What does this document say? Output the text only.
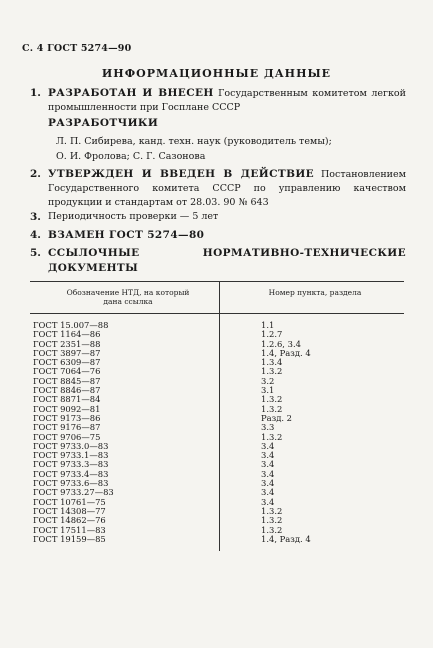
С. 4 ГОСТ 5274—90
ИНФОРМАЦИОННЫЕ ДАННЫЕ
1. РАЗРАБОТАН И ВНЕСЕН Государственным комитетом легкой промышленности при Госплане СССР
РАЗРАБОТЧИКИ
Л. П. Сибирева, канд. техн. наук (руководитель темы);
О. И. Фролова; С. Г. Сазонова
2. УТВЕРЖДЕН И ВВЕДЕН В ДЕЙСТВИЕ Постановлением Государственного комитета СССР по управлению качеством продукции и стандартам от 28.03. 90 № 643
3. Периодичность проверки — 5 лет
4. ВЗАМЕН ГОСТ 5274—80
5. ССЫЛОЧНЫЕ НОРМАТИВНО-ТЕХНИЧЕСКИЕ ДОКУМЕНТЫ
Обозначение НТД, на который дана ссылка
Номер пункта, раздела
ГОСТ 15.007—88	1.1
ГОСТ 1164—86	1.2.7
ГОСТ 2351—88	1.2.6, 3.4
ГОСТ 3897—87	1.4, Разд. 4
ГОСТ 6309—87	1.3.4
ГОСТ 7064—76	1.3.2
ГОСТ 8845—87	3.2
ГОСТ 8846—87	3.1
ГОСТ 8871—84	1.3.2
ГОСТ 9092—81	1.3.2
ГОСТ 9173—86	Разд. 2
ГОСТ 9176—87	3.3
ГОСТ 9706—75	1.3.2
ГОСТ 9733.0—83	3.4
ГОСТ 9733.1—83	3.4
ГОСТ 9733.3—83	3.4
ГОСТ 9733.4—83	3.4
ГОСТ 9733.6—83	3.4
ГОСТ 9733.27—83	3.4
ГОСТ 10761—75	3.4
ГОСТ 14308—77	1.3.2
ГОСТ 14862—76	1.3.2
ГОСТ 17511—83	1.3.2
ГОСТ 19159—85	1.4, Разд. 4
